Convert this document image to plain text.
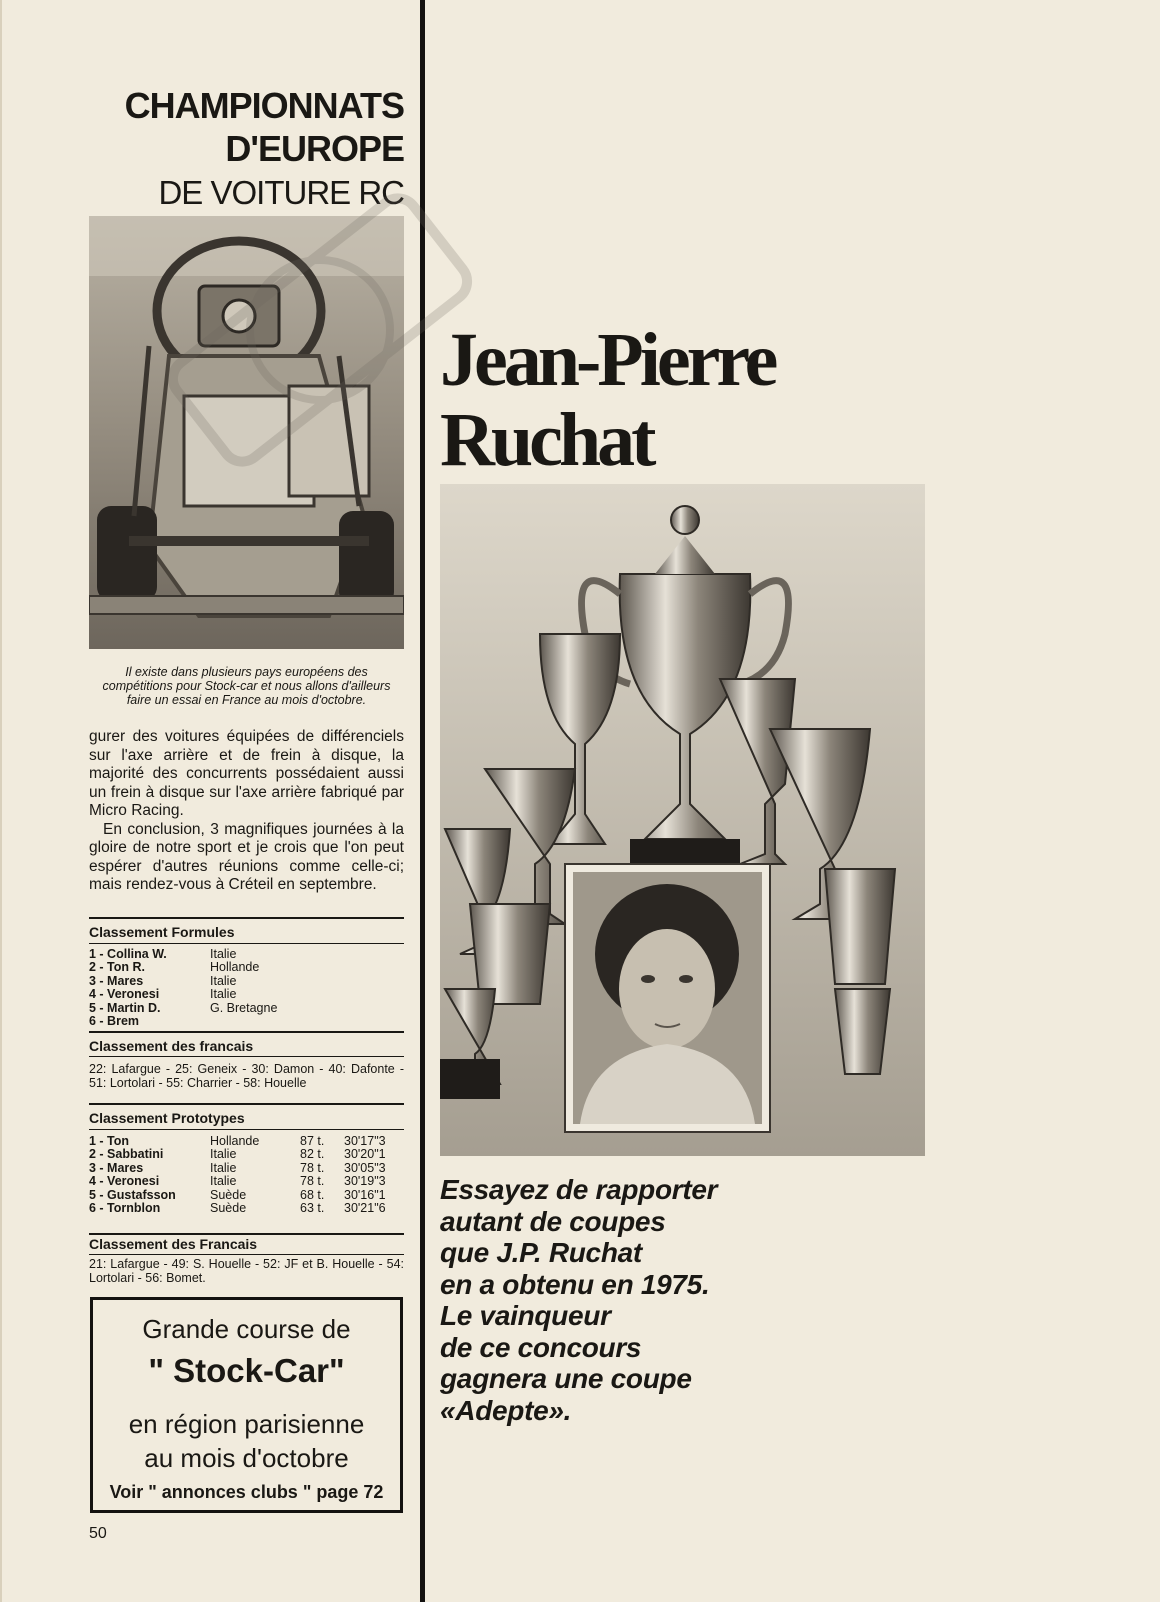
CHAMPIONNATS
D'EUROPE
DE VOITURE RC

Il existe dans plusieurs pays européens des compétitions pour Stock-car et nous allons d'ailleurs faire un essai en France au mois d'octobre.

gurer des voitures équipées de différenciels sur l'axe arrière et de frein à disque, la majorité des concurrents possédaient aussi un frein à disque sur l'axe arrière fabriqué par Micro Racing.

En conclusion, 3 magnifiques journées à la gloire de notre sport et je crois que l'on peut espérer d'autres réunions comme celle-ci; mais rendez-vous à Créteil en septembre.

Classement Formules
1 - Collina W.	Italie
2 - Ton R.	Hollande
3 - Mares	Italie
4 - Veronesi	Italie
5 - Martin D.	G. Bretagne
6 - Brem
Classement des francais

22: Lafargue - 25: Geneix - 30: Damon - 40: Dafonte - 51: Lortolari - 55: Charrier - 58: Houelle

Classement Prototypes
1 - Ton	Hollande	87 t.	30'17"3
2 - Sabbatini	Italie	82 t.	30'20"1
3 - Mares	Italie	78 t.	30'05"3
4 - Veronesi	Italie	78 t.	30'19"3
5 - Gustafsson	Suède	68 t.	30'16"1
6 - Tornblon	Suède	63 t.	30'21"6
Classement des Francais

21: Lafargue - 49: S. Houelle - 52: JF et B. Houelle - 54: Lortolari - 56: Bomet.

Grande course de

" Stock-Car"

en région parisienne

au mois d'octobre

Voir " annonces clubs " page 72

50

Jean-Pierre
Ruchat
Essayez de rapporter
autant de coupes
que J.P. Ruchat
en a obtenu en 1975.
Le vainqueur
de ce concours
gagnera une coupe
«Adepte».
